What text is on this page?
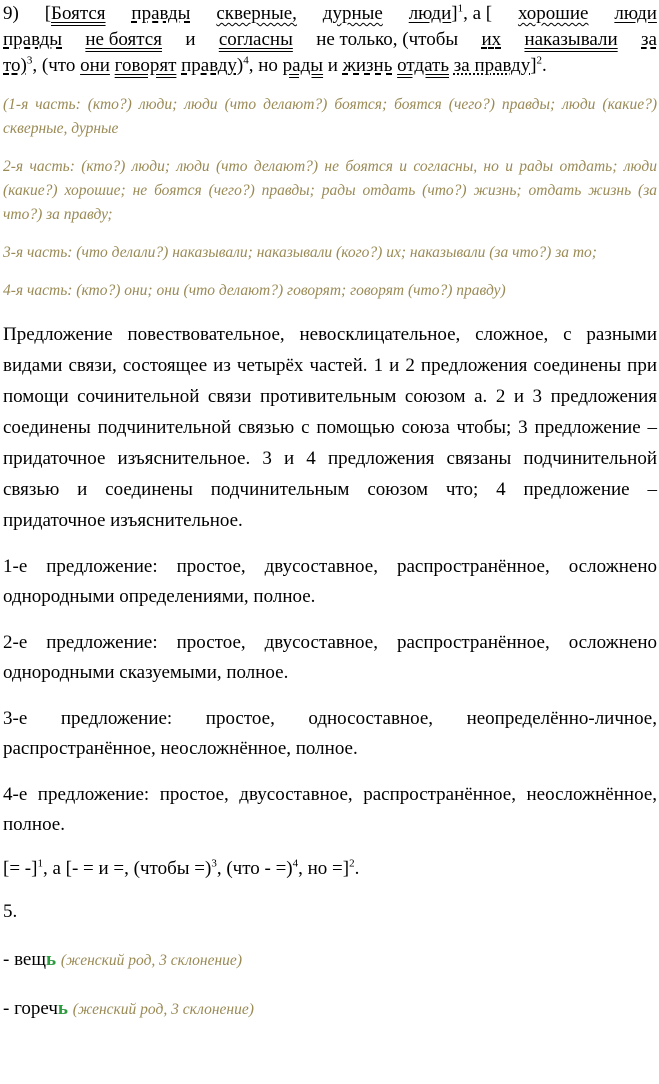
9) [Боятся правды скверные, дурные люди]$^1$, а [ хорошие люди
правды не боятся и согласны не только, (чтобы их наказывали за
то)$^3$, (что они говорят правду)$^4$, но рады и жизнь отдать за правду]$^2$.

(1-я часть: (кто?) люди; люди (что делают?) боятся; боятся (чего?) правды; люди (какие?) скверные, дурные

2-я часть: (кто?) люди; люди (что делают?) не боятся и согласны, но и рады отдать; люди (какие?) хорошие; не боятся (чего?) правды; рады отдать (что?) жизнь; отдать жизнь (за что?) за правду;

3-я часть: (что делали?) наказывали; наказывали (кого?) их; наказывали (за что?) за то;

4-я часть: (кто?) они; они (что делают?) говорят; говорят (что?) правду)

Предложение повествовательное, невосклицательное, сложное, с разными видами связи, состоящее из четырёх частей. 1 и 2 предложения соединены при помощи сочинительной связи противительным союзом а. 2 и 3 предложения соединены подчинительной связью с помощью союза чтобы; 3 предложение – придаточное изъяснительное. 3 и 4 предложения связаны подчинительной связью и соединены подчинительным союзом что; 4 предложение – придаточное изъяснительное.

1-е предложение: простое, двусоставное, распространённое, осложнено однородными определениями, полное.

2-е предложение: простое, двусоставное, распространённое, осложнено однородными сказуемыми, полное.

3-е предложение: простое, односоставное, неопределённо-личное, распространённое, неосложнённое, полное.

4-е предложение: простое, двусоставное, распространённое, неосложнённое, полное.

[= -]$^1$, а [- = и =, (чтобы =)$^3$, (что - =)$^4$, но =]$^2$.
5.
- вещь (женский род, 3 склонение)
- горечь (женский род, 3 склонение)
